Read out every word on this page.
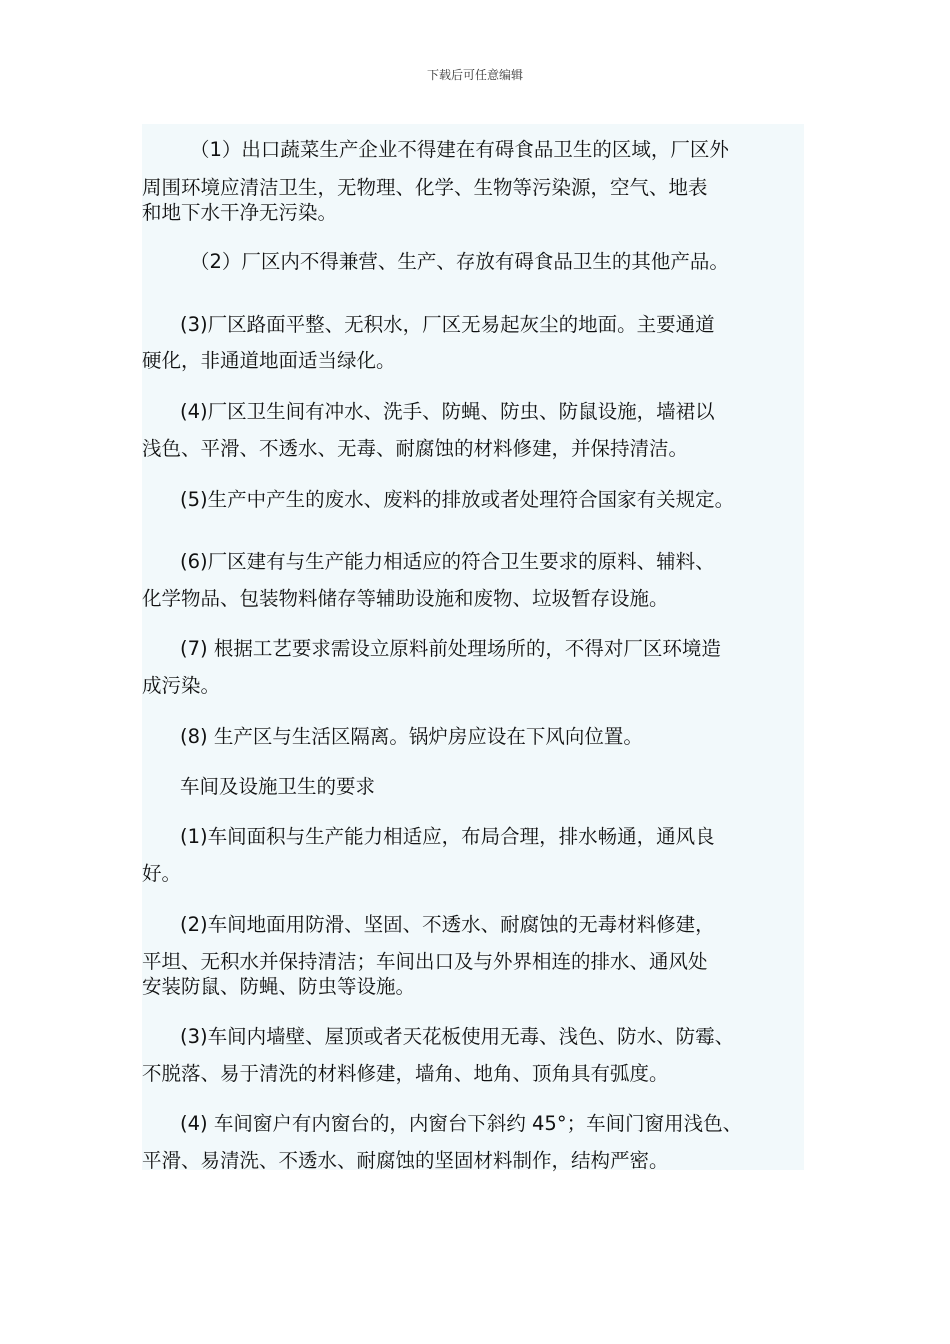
下载后可任意编辑
（1）出口蔬菜生产企业不得建在有碍食品卫生的区域，厂区外
周围环境应清洁卫生，无物理、化学、生物等污染源，空气、地表
和地下水干净无污染。
（2）厂区内不得兼营、生产、存放有碍食品卫生的其他产品。
(3)厂区路面平整、无积水，厂区无易起灰尘的地面。主要通道
硬化，非通道地面适当绿化。
(4)厂区卫生间有冲水、洗手、防蝇、防虫、防鼠设施，墙裙以
浅色、平滑、不透水、无毒、耐腐蚀的材料修建，并保持清洁。
(5)生产中产生的废水、废料的排放或者处理符合国家有关规定。
(6)厂区建有与生产能力相适应的符合卫生要求的原料、辅料、
化学物品、包装物料储存等辅助设施和废物、垃圾暂存设施。
(7) 根据工艺要求需设立原料前处理场所的，不得对厂区环境造
成污染。
(8) 生产区与生活区隔离。锅炉房应设在下风向位置。
车间及设施卫生的要求
(1)车间面积与生产能力相适应，布局合理，排水畅通，通风良
好。
(2)车间地面用防滑、坚固、不透水、耐腐蚀的无毒材料修建，
平坦、无积水并保持清洁；车间出口及与外界相连的排水、通风处
安装防鼠、防蝇、防虫等设施。
(3)车间内墙壁、屋顶或者天花板使用无毒、浅色、防水、防霉、
不脱落、易于清洗的材料修建，墙角、地角、顶角具有弧度。
(4) 车间窗户有内窗台的，内窗台下斜约 45°；车间门窗用浅色、
平滑、易清洗、不透水、耐腐蚀的坚固材料制作，结构严密。
